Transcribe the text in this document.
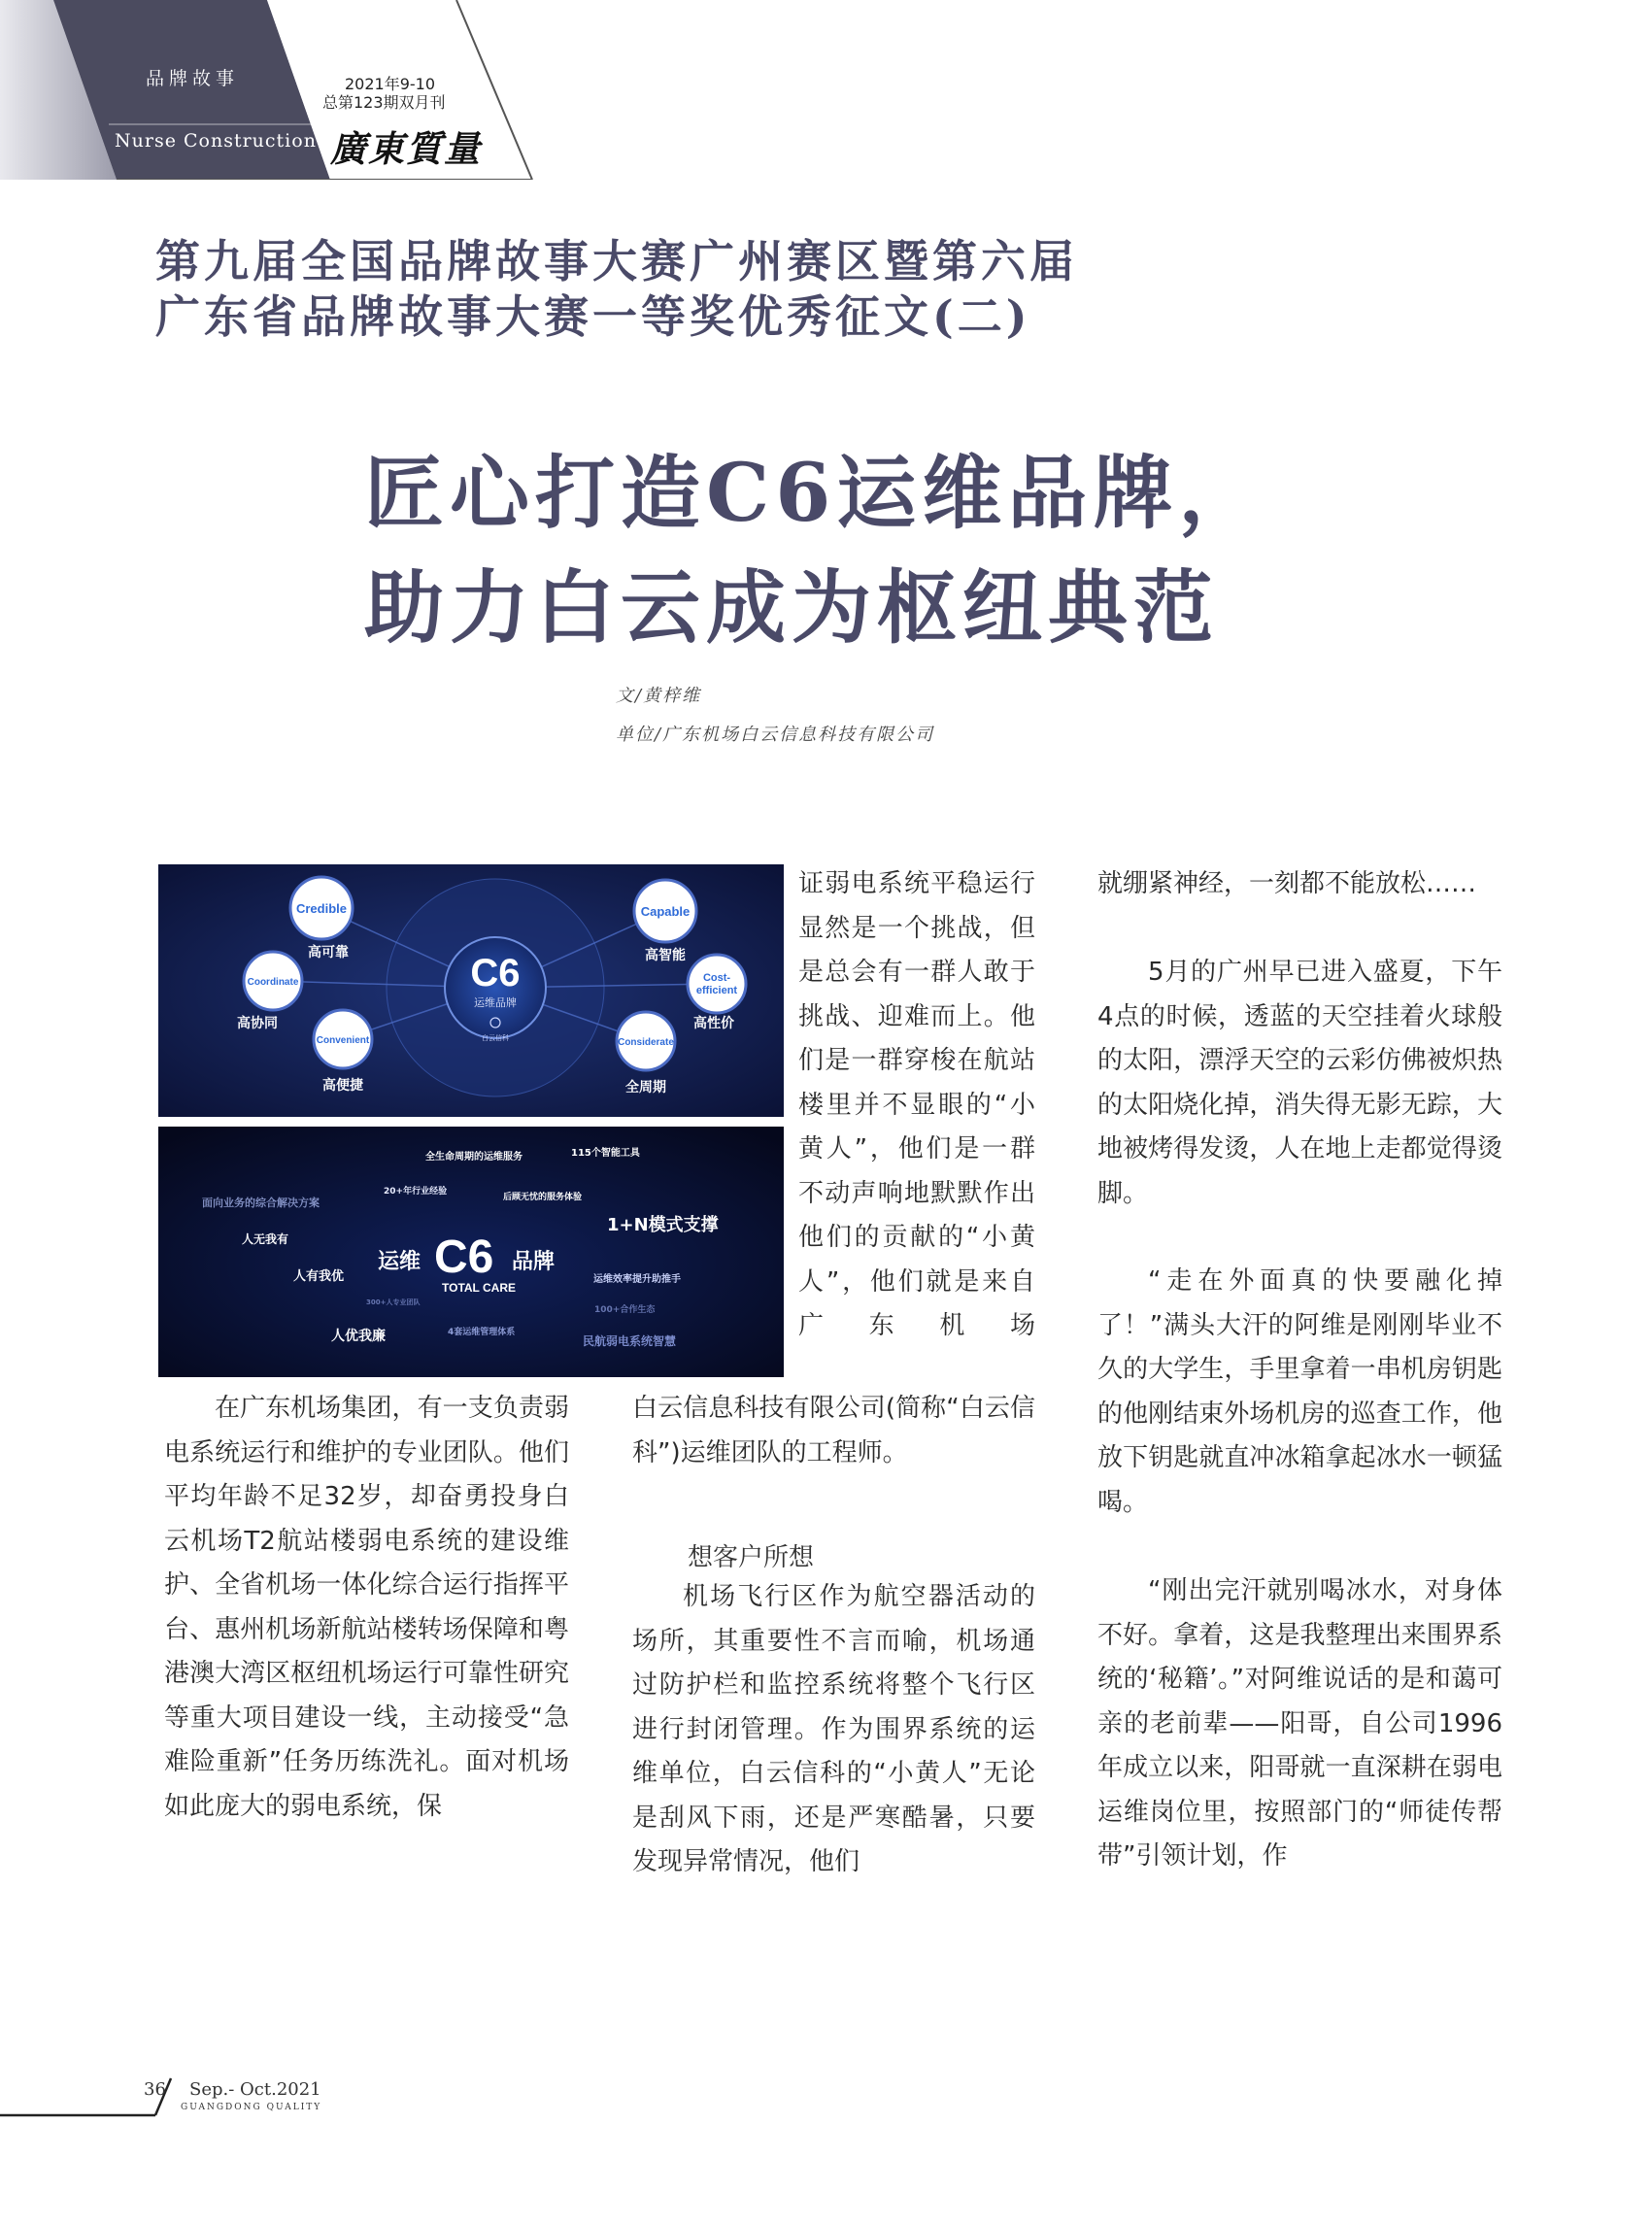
品牌故事
Nurse Construction
2021年9-10
总第123期双月刊
廣東質量
第九届全国品牌故事大赛广州赛区暨第六届
广东省品牌故事大赛一等奖优秀征文(二)
匠心打造C6运维品牌，
助力白云成为枢纽典范
文/黄梓维
单位/广东机场白云信息科技有限公司
C6
运维品牌
白云信科
Credible
高可靠
Capable
高智能
Coordinate
高协同
Cost-
efficient
高性价
Convenient
高便捷
Considerate
全周期
全生命周期的运维服务	115个智能工具
20+年行业经验
后顾无忧的服务体验
面向业务的综合解决方案
人无我有
1+N模式支撑
人有我优	运维效率提升助推手
人优我廉	4套运维管理体系
民航弱电系统智慧
300+人专业团队
100+合作生态
运维 C6 品牌
TOTAL CARE

在广东机场集团，有一支负责弱电系统运行和维护的专业团队。他们平均年龄不足32岁，却奋勇投身白云机场T2航站楼弱电系统的建设维护、全省机场一体化综合运行指挥平台、惠州机场新航站楼转场保障和粤港澳大湾区枢纽机场运行可靠性研究等重大项目建设一线，主动接受“急难险重新”任务历练洗礼。面对机场如此庞大的弱电系统，保

证弱电系统平稳运行显然是一个挑战，但是总会有一群人敢于挑战、迎难而上。他们是一群穿梭在航站楼里并不显眼的“小黄人”，他们是一群不动声响地默默作出他们的贡献的“小黄人”，他们就是来自广东机场

白云信息科技有限公司(简称“白云信科”)运维团队的工程师。

想客户所想

机场飞行区作为航空器活动的场所，其重要性不言而喻，机场通过防护栏和监控系统将整个飞行区进行封闭管理。作为围界系统的运维单位，白云信科的“小黄人”无论是刮风下雨，还是严寒酷暑，只要发现异常情况，他们

就绷紧神经，一刻都不能放松……

5月的广州早已进入盛夏，下午4点的时候，透蓝的天空挂着火球般的太阳，漂浮天空的云彩仿佛被炽热的太阳烧化掉，消失得无影无踪，大地被烤得发烫，人在地上走都觉得烫脚。

“走在外面真的快要融化掉了！”满头大汗的阿维是刚刚毕业不久的大学生，手里拿着一串机房钥匙的他刚结束外场机房的巡查工作，他放下钥匙就直冲冰箱拿起冰水一顿猛喝。

“刚出完汗就别喝冰水，对身体不好。拿着，这是我整理出来围界系统的‘秘籍’。”对阿维说话的是和蔼可亲的老前辈——阳哥，自公司1996年成立以来，阳哥就一直深耕在弱电运维岗位里，按照部门的“师徒传帮带”引领计划，作

36 Sep.- Oct.2021
GUANGDONG QUALITY
